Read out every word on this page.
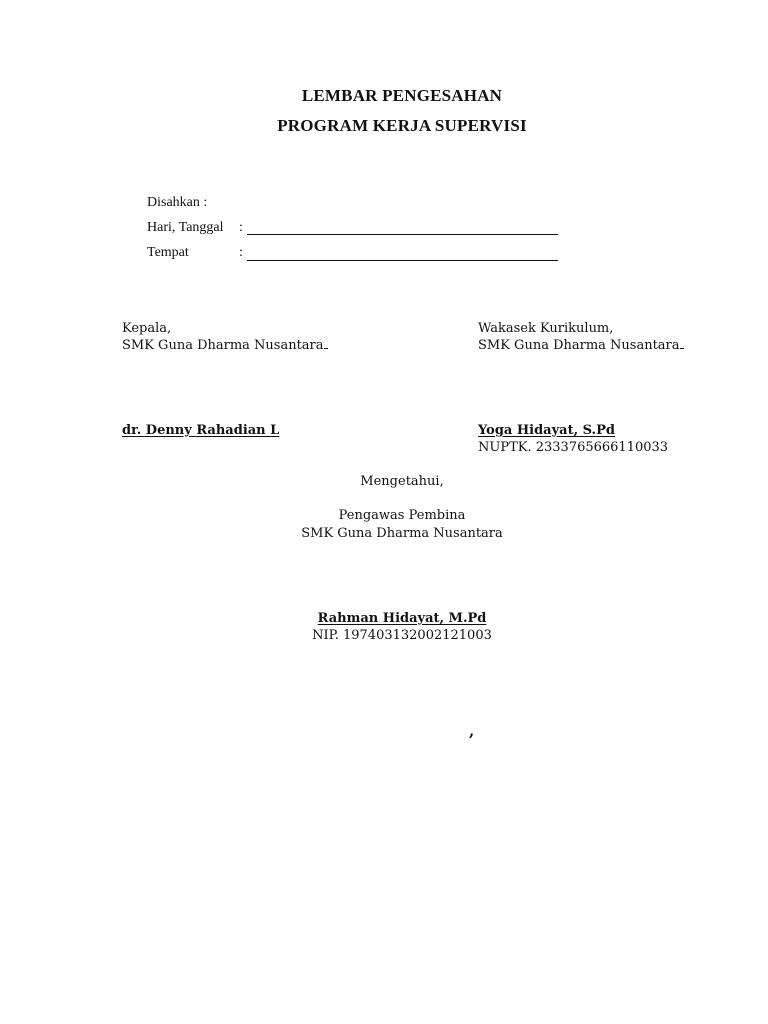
LEMBAR PENGESAHAN
PROGRAM KERJA SUPERVISI
Disahkan :
Hari, Tanggal :
Tempat	:
Kepala,
SMK Guna Dharma Nusantara
dr. Denny Rahadian L
Wakasek Kurikulum,
SMK Guna Dharma Nusantara
Yoga Hidayat, S.Pd
NUPTK. 2333765666110033
Mengetahui,
Pengawas Pembina
SMK Guna Dharma Nusantara
Rahman Hidayat, M.Pd
NIP. 197403132002121003
,
